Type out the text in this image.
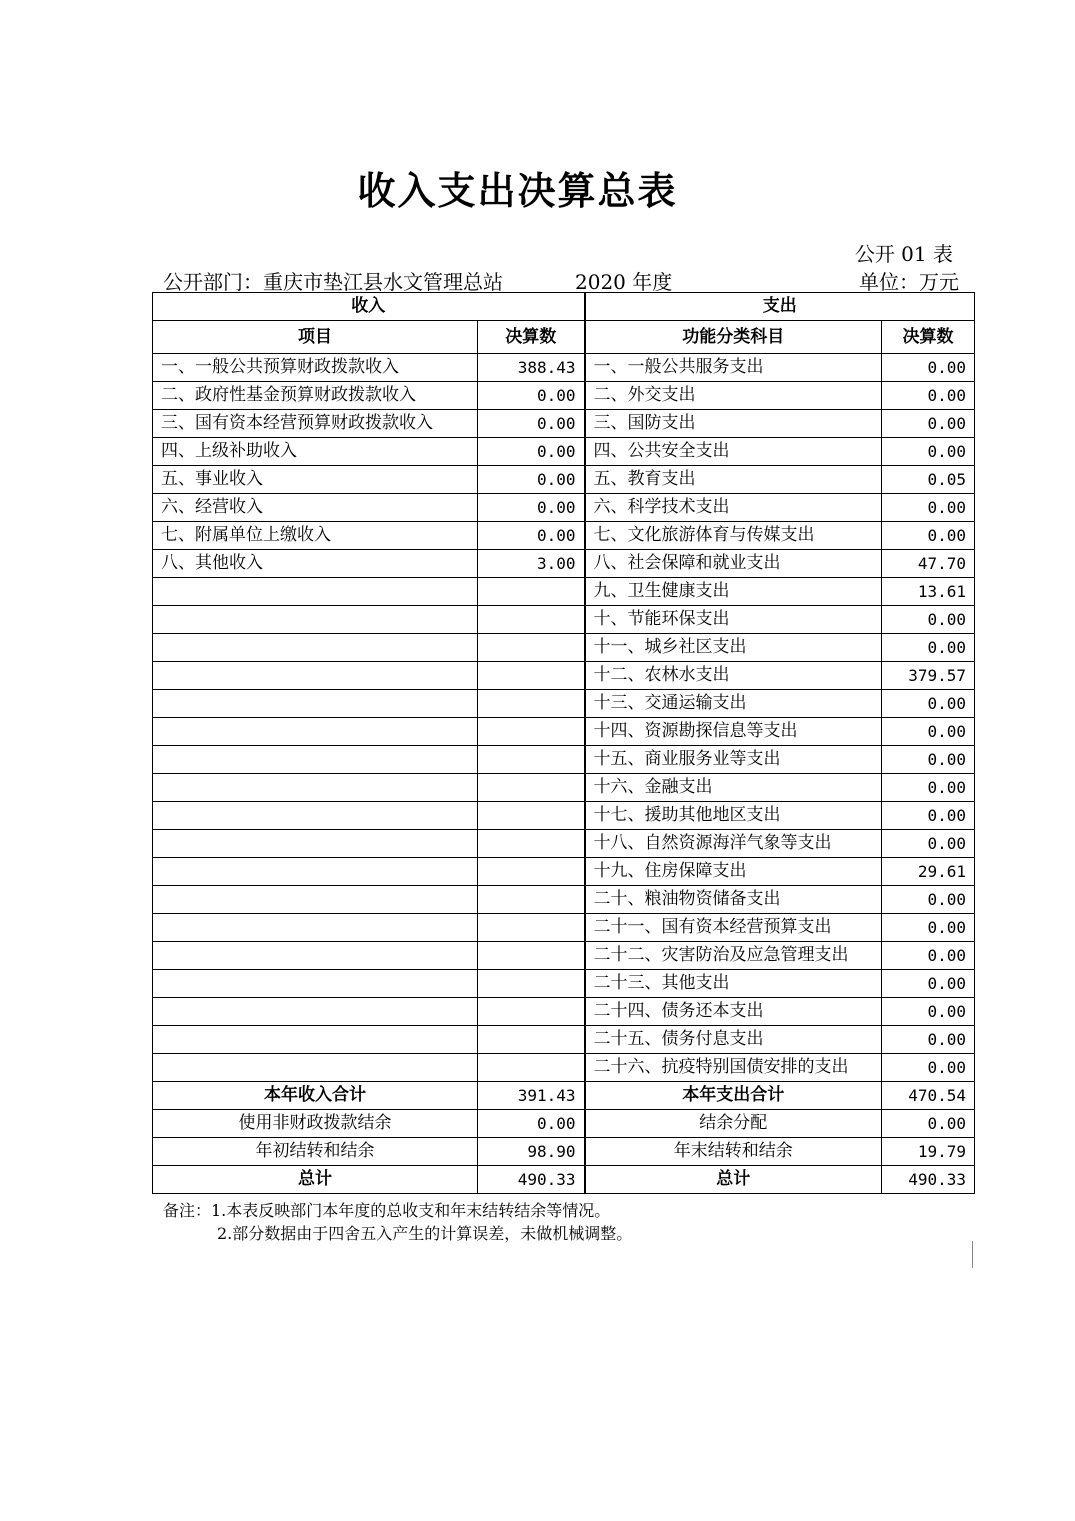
收入支出决算总表
公开 01 表
公开部门：重庆市垫江县水文管理总站	2020 年度	单位：万元
收入		支出	
项目	决算数	功能分类科目	决算数
一、一般公共预算财政拨款收入	388.43	一、一般公共服务支出	0.00
二、政府性基金预算财政拨款收入	0.00	二、外交支出	0.00
三、国有资本经营预算财政拨款收入	0.00	三、国防支出	0.00
四、上级补助收入	0.00	四、公共安全支出	0.00
五、事业收入	0.00	五、教育支出	0.05
六、经营收入	0.00	六、科学技术支出	0.00
七、附属单位上缴收入	0.00	七、文化旅游体育与传媒支出	0.00
八、其他收入	3.00	八、社会保障和就业支出	47.70
		九、卫生健康支出	13.61
		十、节能环保支出	0.00
		十一、城乡社区支出	0.00
		十二、农林水支出	379.57
		十三、交通运输支出	0.00
		十四、资源勘探信息等支出	0.00
		十五、商业服务业等支出	0.00
		十六、金融支出	0.00
		十七、援助其他地区支出	0.00
		十八、自然资源海洋气象等支出	0.00
		十九、住房保障支出	29.61
		二十、粮油物资储备支出	0.00
		二十一、国有资本经营预算支出	0.00
		二十二、灾害防治及应急管理支出	0.00
		二十三、其他支出	0.00
		二十四、债务还本支出	0.00
		二十五、债务付息支出	0.00
		二十六、抗疫特别国债安排的支出	0.00
本年收入合计	391.43	本年支出合计	470.54
使用非财政拨款结余	0.00	结余分配	0.00
年初结转和结余	98.90	年末结转和结余	19.79
总计	490.33	总计	490.33
备注：1.本表反映部门本年度的总收支和年末结转结余等情况。
2.部分数据由于四舍五入产生的计算误差，未做机械调整。
